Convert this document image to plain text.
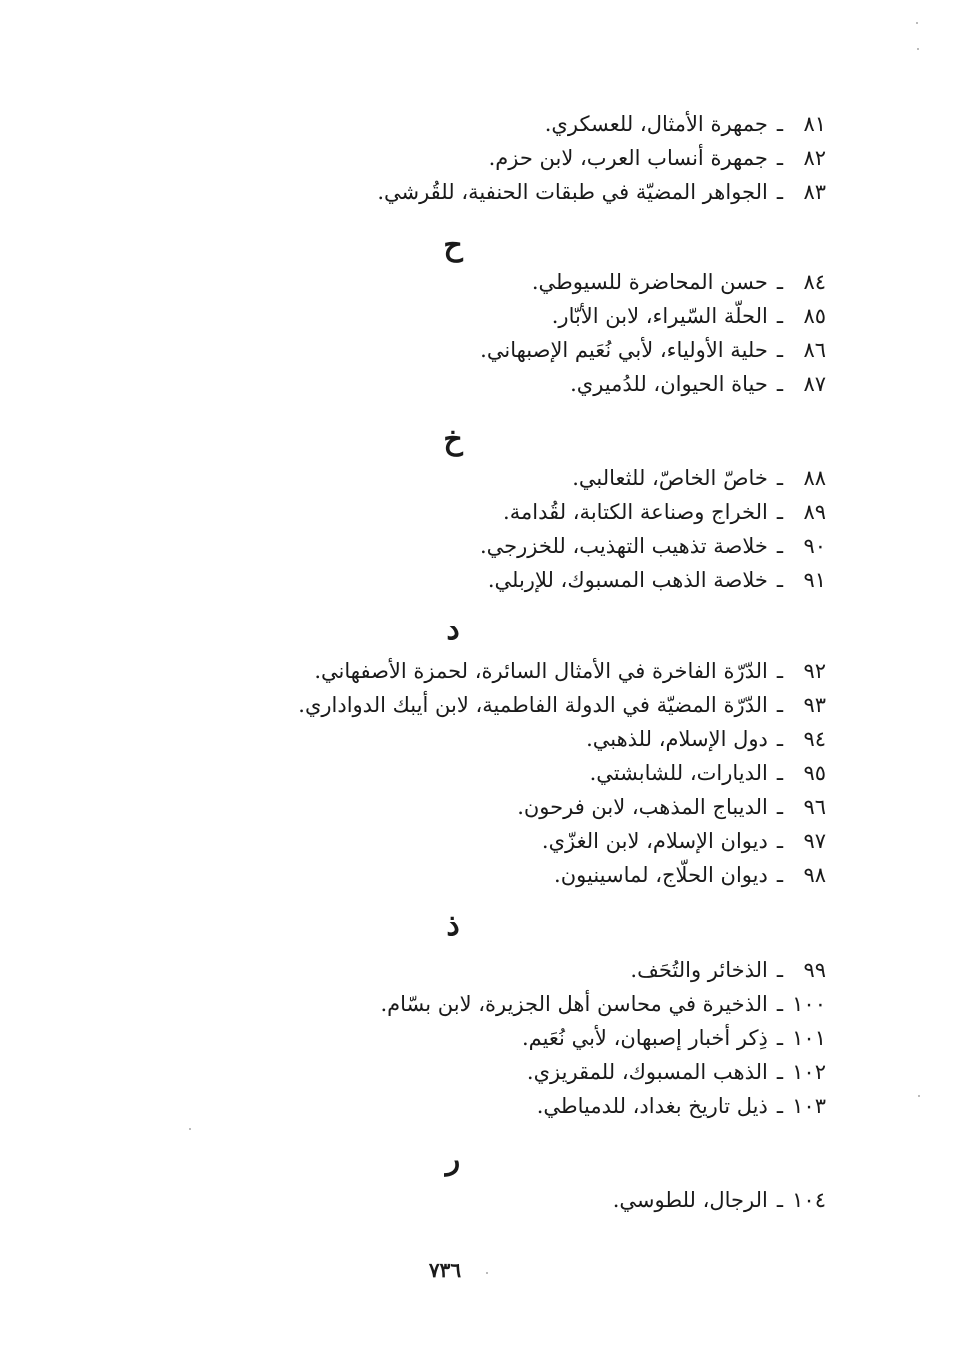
٨١ـجمهرة الأمثال، للعسكري.
٨٢ـجمهرة أنساب العرب، لابن حزم.
٨٣ـالجواهر المضيّة في طبقات الحنفية، للقُرشي.
ح
٨٤ـحسن المحاضرة للسيوطي.
٨٥ـالحلّة السّيراء، لابن الأبّار.
٨٦ـحلية الأولياء، لأبي نُعَيم الإصبهاني.
٨٧ـحياة الحيوان، للدُميري.
خ
٨٨ـخاصّ الخاصّ، للثعالبي.
٨٩ـالخراج وصناعة الكتابة، لقُدامة.
٩٠ـخلاصة تذهيب التهذيب، للخزرجي.
٩١ـخلاصة الذهب المسبوك، للإربلي.
د
٩٢ـالدّرّة الفاخرة في الأمثال السائرة، لحمزة الأصفهاني.
٩٣ـالدّرّة المضيّة في الدولة الفاطمية، لابن أيبك الدواداري.
٩٤ـدول الإسلام، للذهبي.
٩٥ـالديارات، للشابشتي.
٩٦ـالديباج المذهب، لابن فرحون.
٩٧ـديوان الإسلام، لابن الغزّي.
٩٨ـديوان الحلّاج، لماسينيون.
ذ
٩٩ـالذخائر والتُحَف.
١٠٠ـالذخيرة في محاسن أهل الجزيرة، لابن بسّام.
١٠١ـذِكر أخبار إصبهان، لأبي نُعَيم.
١٠٢ـالذهب المسبوك، للمقريزي.
١٠٣ـذيل تاريخ بغداد، للدمياطي.
ر
١٠٤ـالرجال، للطوسي.
٧٣٦
